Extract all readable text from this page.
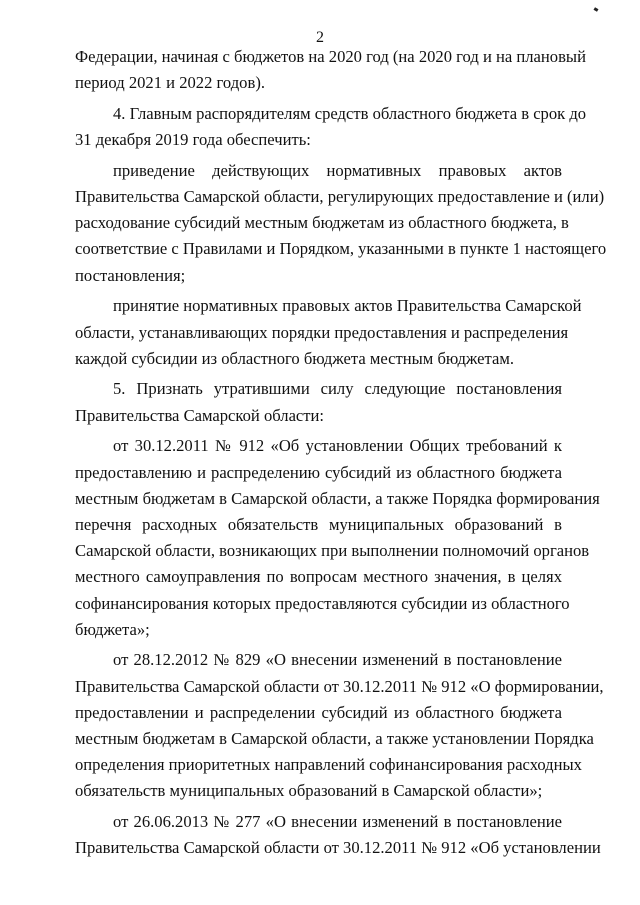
2
Федерации, начиная с бюджетов на 2020 год (на 2020 год и на плановый
период 2021 и 2022 годов).
4. Главным распорядителям средств областного бюджета в срок до
31 декабря 2019 года обеспечить:
приведение действующих нормативных правовых актов
Правительства Самарской области, регулирующих предоставление и (или)
расходование субсидий местным бюджетам из областного бюджета, в
соответствие с Правилами и Порядком, указанными в пункте 1 настоящего
постановления;
принятие нормативных правовых актов Правительства Самарской
области, устанавливающих порядки предоставления и распределения
каждой субсидии из областного бюджета местным бюджетам.
5. Признать утратившими силу следующие постановления
Правительства Самарской области:
от 30.12.2011 № 912 «Об установлении Общих требований к
предоставлению и распределению субсидий из областного бюджета
местным бюджетам в Самарской области, а также Порядка формирования
перечня расходных обязательств муниципальных образований в
Самарской области, возникающих при выполнении полномочий органов
местного самоуправления по вопросам местного значения, в целях
софинансирования которых предоставляются субсидии из областного
бюджета»;
от 28.12.2012 № 829 «О внесении изменений в постановление
Правительства Самарской области от 30.12.2011 № 912 «О формировании,
предоставлении и распределении субсидий из областного бюджета
местным бюджетам в Самарской области, а также установлении Порядка
определения приоритетных направлений софинансирования расходных
обязательств муниципальных образований в Самарской области»;
от 26.06.2013 № 277 «О внесении изменений в постановление
Правительства Самарской области от 30.12.2011 № 912 «Об установлении
